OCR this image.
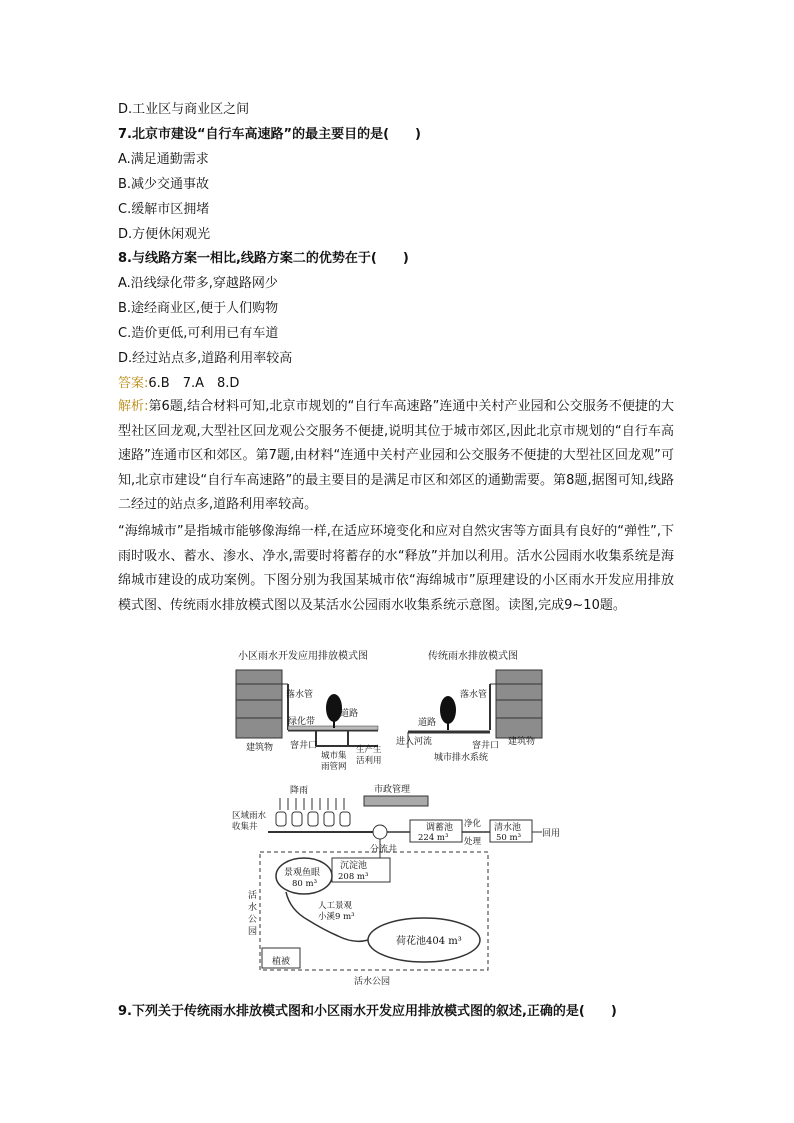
D.工业区与商业区之间
7.北京市建设“自行车高速路”的最主要目的是(　　)
A.满足通勤需求
B.减少交通事故
C.缓解市区拥堵
D.方便休闲观光
8.与线路方案一相比,线路方案二的优势在于(　　)
A.沿线绿化带多,穿越路网少
B.途经商业区,便于人们购物
C.造价更低,可利用已有车道
D.经过站点多,道路利用率较高
答案:6.B　7.A　8.D
解析:第6题,结合材料可知,北京市规划的“自行车高速路”连通中关村产业园和公交服务不便捷的大型社区回龙观,大型社区回龙观公交服务不便捷,说明其位于城市郊区,因此北京市规划的“自行车高速路”连通市区和郊区。第7题,由材料“连通中关村产业园和公交服务不便捷的大型社区回龙观”可知,北京市建设“自行车高速路”的最主要目的是满足市区和郊区的通勤需要。第8题,据图可知,线路二经过的站点多,道路利用率较高。
“海绵城市”是指城市能够像海绵一样,在适应环境变化和应对自然灾害等方面具有良好的“弹性”,下雨时吸水、蓄水、渗水、净水,需要时将蓄存的水“释放”并加以利用。活水公园雨水收集系统是海绵城市建设的成功案例。下图分别为我国某城市依“海绵城市”原理建设的小区雨水开发应用排放模式图、传统雨水排放模式图以及某活水公园雨水收集系统示意图。读图,完成9~10题。
小区雨水开发应用排放模式图
落水管
绿化带
道路
建筑物 窨井口
城市集
雨管网
生产生
活利用
传统雨水排放模式图
落水管
道路
进入河流	窨井口 建筑物
城市排水系统
降雨
区域雨水
收集井
市政管理
分流井
调蓄池
224 m³
净化
处理
清水池
50 m³ 回用
沉淀池
208 m³
景观鱼眼
80 m³
人工景观
小溪9 m³
荷花池404 m³
活
水
公
园
植被
活水公园
9.下列关于传统雨水排放模式图和小区雨水开发应用排放模式图的叙述,正确的是(　　)
